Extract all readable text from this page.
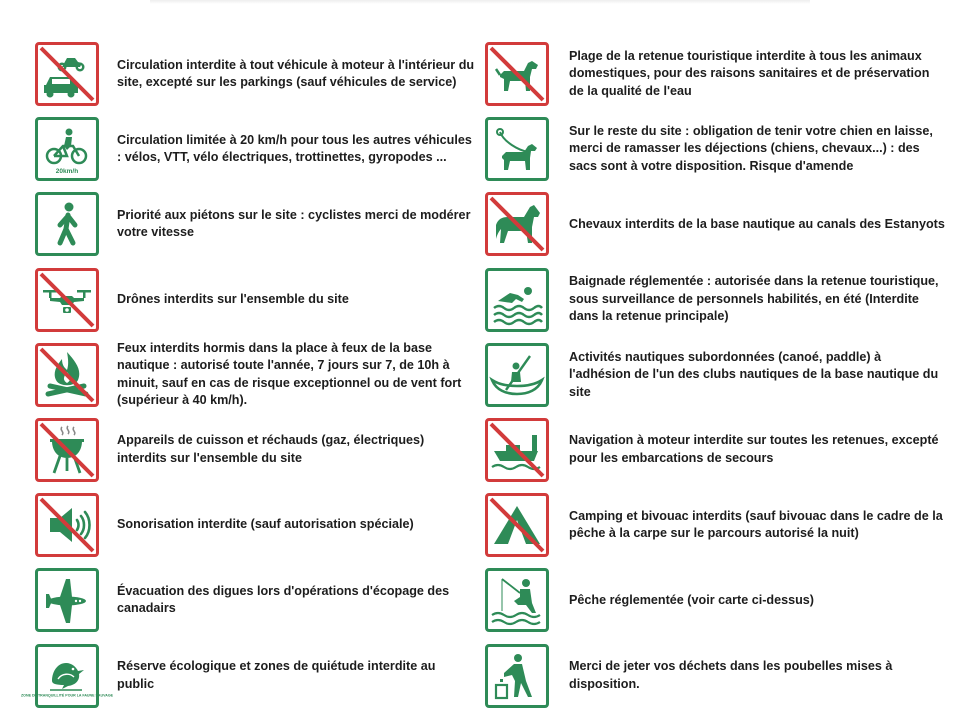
Circulation interdite à tout véhicule à moteur à l'intérieur du site, excepté sur les parkings (sauf véhicules de service)
20km/h
Circulation limitée à 20 km/h pour tous les autres véhicules : vélos, VTT, vélo électriques, trottinettes, gyropodes ...
Priorité aux piétons sur le site : cyclistes merci de modérer votre vitesse
Drônes interdits sur l'ensemble du site
Feux interdits hormis dans la place à feux de la base nautique : autorisé toute l'année, 7 jours sur 7, de 10h à minuit, sauf en cas de risque exceptionnel ou de vent fort (supérieur à 40 km/h).
Appareils de cuisson et réchauds (gaz, électriques) interdits sur l'ensemble du site
Sonorisation interdite (sauf autorisation spéciale)
Évacuation des digues lors d'opérations d'écopage des canadairs
ZONE DE TRANQUILLITÉ POUR LA FAUNE SAUVAGE
Réserve écologique et zones de quiétude interdite au public
Plage de la retenue touristique interdite à tous les animaux domestiques, pour des raisons sanitaires et de préservation de la qualité de l'eau
Sur le reste du site : obligation de tenir votre chien en laisse, merci de ramasser les déjections (chiens, chevaux...) : des sacs sont à votre disposition. Risque d'amende
Chevaux interdits de la base nautique au canals des Estanyots
Baignade réglementée : autorisée dans la retenue touristique, sous surveillance de personnels habilités, en été (Interdite dans la retenue principale)
Activités nautiques subordonnées (canoé, paddle) à l'adhésion de l'un des clubs nautiques de la base nautique du site
Navigation à moteur interdite sur toutes les retenues, excepté pour les embarcations de secours
Camping et bivouac interdits (sauf bivouac dans le cadre de la pêche à la carpe sur le parcours autorisé la nuit)
Pêche réglementée (voir carte ci-dessus)
Merci de jeter vos déchets dans les poubelles mises à disposition.
